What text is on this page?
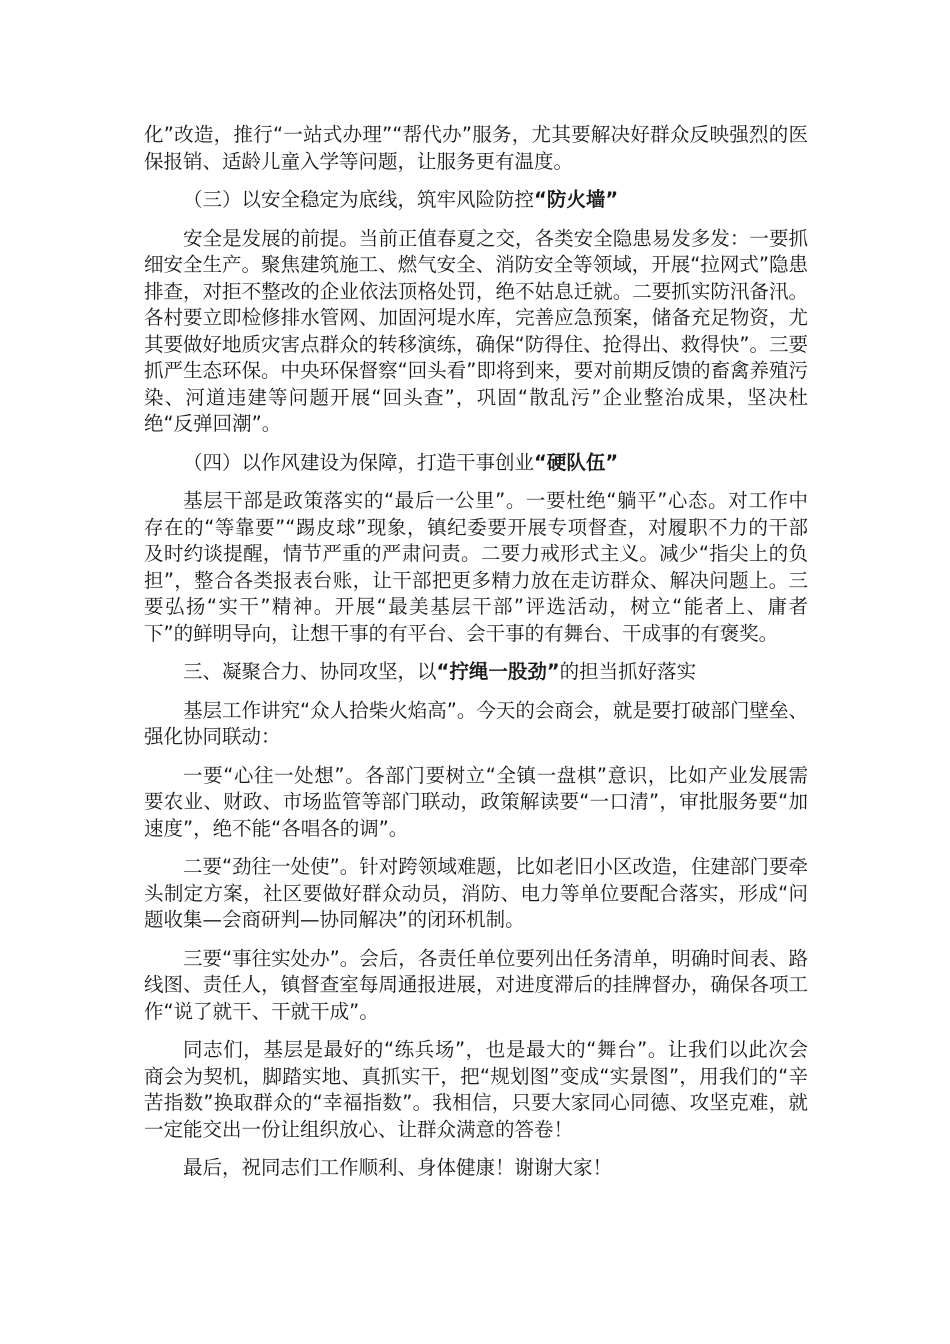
化”改造，推行“一站式办理”“帮代办”服务，尤其要解决好群众反映强烈的医保报销、适龄儿童入学等问题，让服务更有温度。

（三）以安全稳定为底线，筑牢风险防控“防火墙”

安全是发展的前提。当前正值春夏之交，各类安全隐患易发多发：一要抓细安全生产。聚焦建筑施工、燃气安全、消防安全等领域，开展“拉网式”隐患排查，对拒不整改的企业依法顶格处罚，绝不姑息迁就。二要抓实防汛备汛。各村要立即检修排水管网、加固河堤水库，完善应急预案，储备充足物资，尤其要做好地质灾害点群众的转移演练，确保“防得住、抢得出、救得快”。三要抓严生态环保。中央环保督察“回头看”即将到来，要对前期反馈的畜禽养殖污染、河道违建等问题开展“回头查”，巩固“散乱污”企业整治成果，坚决杜绝“反弹回潮”。

（四）以作风建设为保障，打造干事创业“硬队伍”

基层干部是政策落实的“最后一公里”。一要杜绝“躺平”心态。对工作中存在的“等靠要”“踢皮球”现象，镇纪委要开展专项督查，对履职不力的干部及时约谈提醒，情节严重的严肃问责。二要力戒形式主义。减少“指尖上的负担”，整合各类报表台账，让干部把更多精力放在走访群众、解决问题上。三要弘扬“实干”精神。开展“最美基层干部”评选活动，树立“能者上、庸者下”的鲜明导向，让想干事的有平台、会干事的有舞台、干成事的有褒奖。

三、凝聚合力、协同攻坚，以“拧绳一股劲”的担当抓好落实

基层工作讲究“众人拾柴火焰高”。今天的会商会，就是要打破部门壁垒、强化协同联动：

一要“心往一处想”。各部门要树立“全镇一盘棋”意识，比如产业发展需要农业、财政、市场监管等部门联动，政策解读要“一口清”，审批服务要“加速度”，绝不能“各唱各的调”。

二要“劲往一处使”。针对跨领域难题，比如老旧小区改造，住建部门要牵头制定方案，社区要做好群众动员，消防、电力等单位要配合落实，形成“问题收集—会商研判—协同解决”的闭环机制。

三要“事往实处办”。会后，各责任单位要列出任务清单，明确时间表、路线图、责任人，镇督查室每周通报进展，对进度滞后的挂牌督办，确保各项工作“说了就干、干就干成”。

同志们，基层是最好的“练兵场”，也是最大的“舞台”。让我们以此次会商会为契机，脚踏实地、真抓实干，把“规划图”变成“实景图”，用我们的“辛苦指数”换取群众的“幸福指数”。我相信，只要大家同心同德、攻坚克难，就一定能交出一份让组织放心、让群众满意的答卷！

最后，祝同志们工作顺利、身体健康！谢谢大家！
